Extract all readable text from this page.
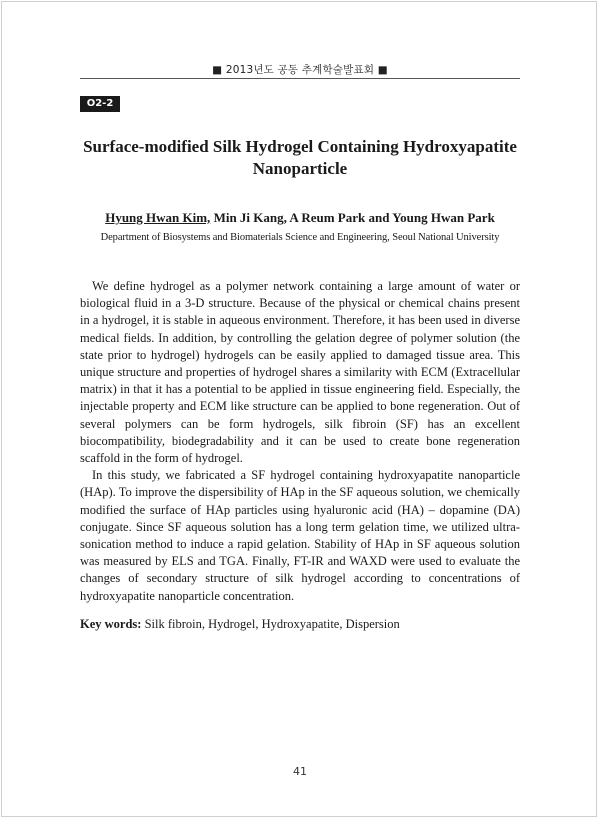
■ 2013년도 공동 추계학술발표회 ■
O2-2
Surface-modified Silk Hydrogel Containing Hydroxyapatite
Nanoparticle
Hyung Hwan Kim, Min Ji Kang, A Reum Park and Young Hwan Park
Department of Biosystems and Biomaterials Science and Engineering, Seoul National University

We define hydrogel as a polymer network containing a large amount of water or biological fluid in a 3-D structure. Because of the physical or chemical chains present in a hydrogel, it is stable in aqueous environment. Therefore, it has been used in diverse medical fields. In addition, by controlling the gelation degree of polymer solution (the state prior to hydrogel) hydrogels can be easily applied to damaged tissue area. This unique structure and properties of hydrogel shares a similarity with ECM (Extracellular matrix) in that it has a potential to be applied in tissue engineering field. Especially, the injectable property and ECM like structure can be applied to bone regeneration. Out of several polymers can be form hydrogels, silk fibroin (SF) has an excellent biocompatibility, biodegradability and it can be used to create bone regeneration scaffold in the form of hydrogel.

In this study, we fabricated a SF hydrogel containing hydroxyapatite nanoparticle (HAp). To improve the dispersibility of HAp in the SF aqueous solution, we chemically modified the surface of HAp particles using hyaluronic acid (HA) – dopamine (DA) conjugate. Since SF aqueous solution has a long term gelation time, we utilized ultra-sonication method to induce a rapid gelation. Stability of HAp in SF aqueous solution was measured by ELS and TGA. Finally, FT-IR and WAXD were used to evaluate the changes of secondary structure of silk hydrogel according to concentrations of hydroxyapatite nanoparticle concentration.

Key words: Silk fibroin, Hydrogel, Hydroxyapatite, Dispersion
41
